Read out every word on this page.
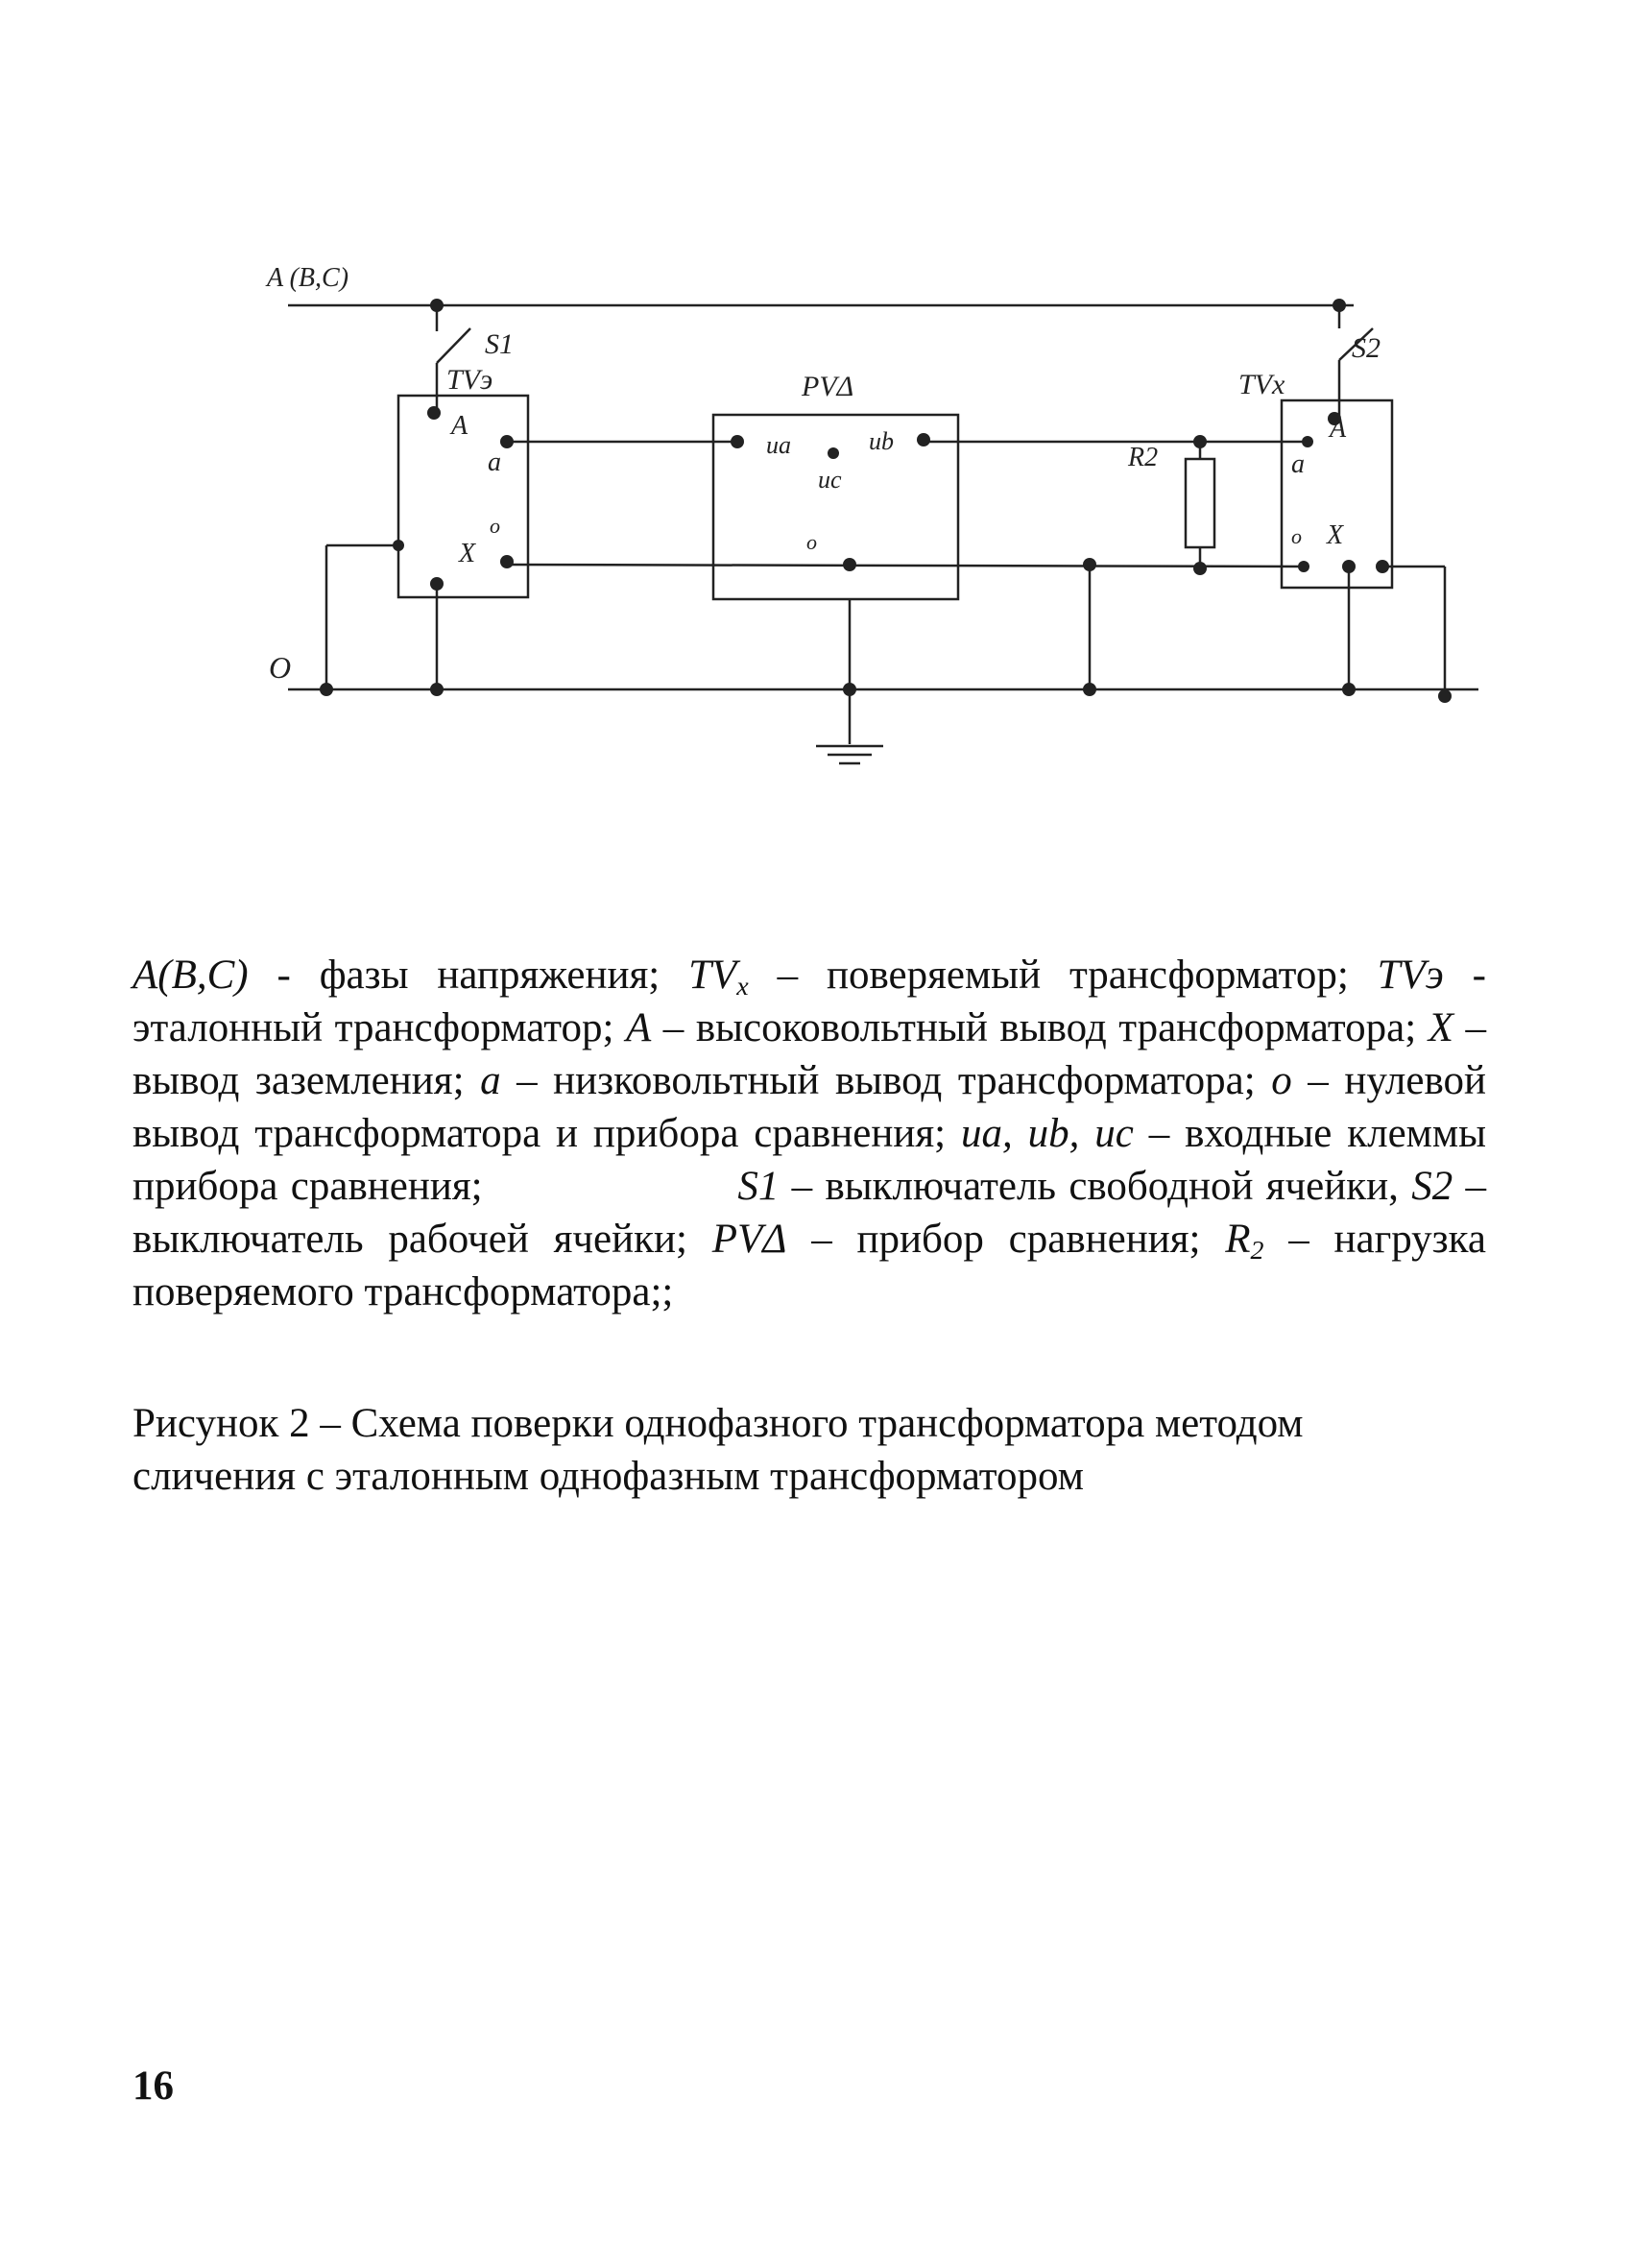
A (B,C)
O
S1	S2
TVэ	PVΔ	TVx
R2
A
a
o
X
ua	ub
uc
o
A
a
o X

A(B,C) - фазы напряжения; $TV_x$ – поверяемый трансформатор; TVэ - эталонный трансформатор; A – высоковольтный вывод трансформатора; X – вывод заземления; a – низковольтный вывод трансформатора; o – нулевой вывод трансформатора и прибора сравнения; ua, ub, uc – входные клеммы прибора сравнения;                    S1 – выключатель свободной ячейки, S2 – выключатель рабочей ячейки; PVΔ – прибор сравнения; $R_2$ – нагрузка поверяемого трансформатора;;

Рисунок 2 – Схема поверки однофазного трансформатора методом

сличения с эталонным однофазным трансформатором

16
